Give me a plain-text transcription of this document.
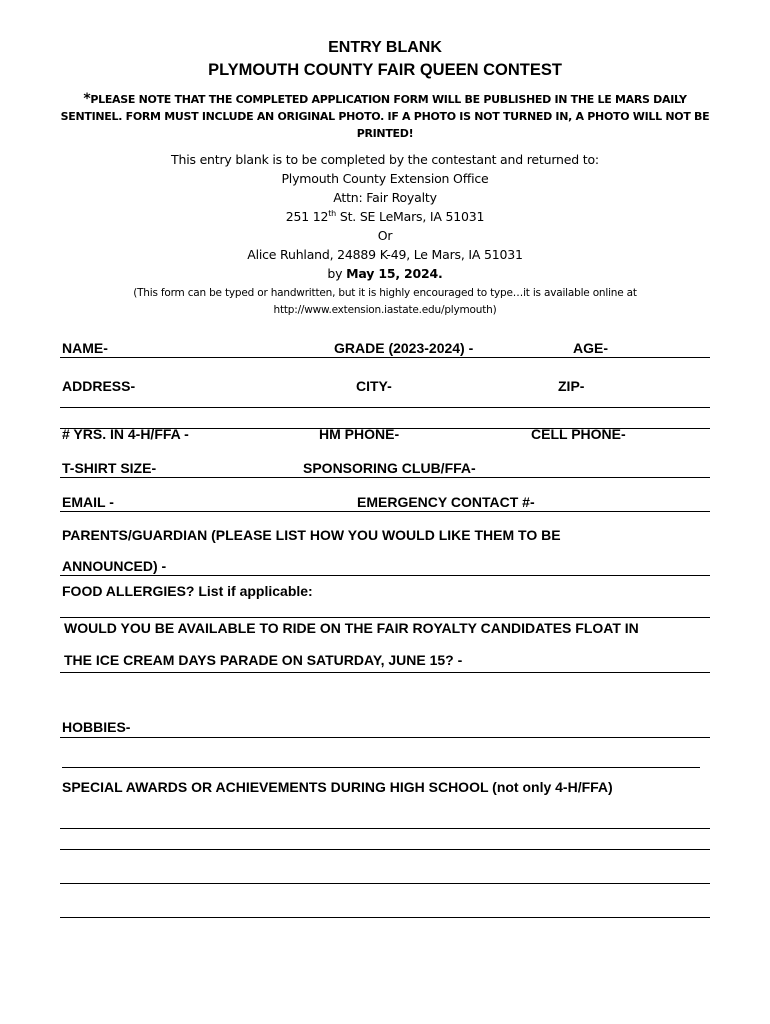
ENTRY BLANK
PLYMOUTH COUNTY FAIR QUEEN CONTEST
*PLEASE NOTE THAT THE COMPLETED APPLICATION FORM WILL BE PUBLISHED IN THE LE MARS DAILY SENTINEL. FORM MUST INCLUDE AN ORIGINAL PHOTO. IF A PHOTO IS NOT TURNED IN, A PHOTO WILL NOT BE PRINTED!
This entry blank is to be completed by the contestant and returned to:
Plymouth County Extension Office
Attn: Fair Royalty
251 12th St. SE LeMars, IA 51031
Or
Alice Ruhland, 24889 K-49, Le Mars, IA 51031
by May 15, 2024.
(This form can be typed or handwritten, but it is highly encouraged to type…it is available online at
http://www.extension.iastate.edu/plymouth)
NAME-	GRADE (2023-2024) -	AGE-
ADDRESS-	CITY-	ZIP-
# YRS. IN 4-H/FFA -	HM PHONE-	CELL PHONE-
T-SHIRT SIZE-	SPONSORING CLUB/FFA-
EMAIL -	EMERGENCY CONTACT #-
PARENTS/GUARDIAN (PLEASE LIST HOW YOU WOULD LIKE THEM TO BE
ANNOUNCED) -
FOOD ALLERGIES? List if applicable:
WOULD YOU BE AVAILABLE TO RIDE ON THE FAIR ROYALTY CANDIDATES FLOAT IN
THE ICE CREAM DAYS PARADE ON SATURDAY, JUNE 15? -
HOBBIES-
SPECIAL AWARDS OR ACHIEVEMENTS DURING HIGH SCHOOL (not only 4-H/FFA)
